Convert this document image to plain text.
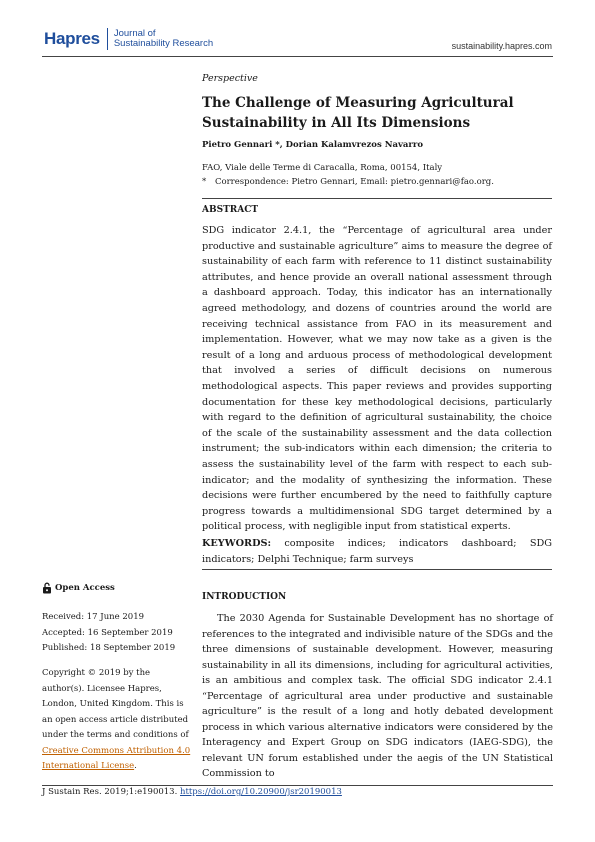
Hapres Journal of
Sustainability Research	sustainability.hapres.com
Perspective
The Challenge of Measuring Agricultural Sustainability in All Its Dimensions
Pietro Gennari *, Dorian Kalamvrezos Navarro
FAO, Viale delle Terme di Caracalla, Roma, 00154, Italy
* Correspondence: Pietro Gennari, Email: pietro.gennari@fao.org.
ABSTRACT
SDG indicator 2.4.1, the “Percentage of agricultural area under productive and sustainable agriculture” aims to measure the degree of sustainability of each farm with reference to 11 distinct sustainability attributes, and hence provide an overall national assessment through a dashboard approach. Today, this indicator has an internationally agreed methodology, and dozens of countries around the world are receiving technical assistance from FAO in its measurement and implementation. However, what we may now take as a given is the result of a long and arduous process of methodological development that involved a series of difficult decisions on numerous methodological aspects. This paper reviews and provides supporting documentation for these key methodological decisions, particularly with regard to the definition of agricultural sustainability, the choice of the scale of the sustainability assessment and the data collection instrument; the sub-indicators within each dimension; the criteria to assess the sustainability level of the farm with respect to each sub-indicator; and the modality of synthesizing the information. These decisions were further encumbered by the need to faithfully capture progress towards a multidimensional SDG target determined by a political process, with negligible input from statistical experts.
KEYWORDS: composite indices; indicators dashboard; SDG indicators; Delphi Technique; farm surveys
Open Access
Received: 17 June 2019
Accepted: 16 September 2019
Published: 18 September 2019
Copyright © 2019 by the author(s). Licensee Hapres, London, United Kingdom. This is an open access article distributed under the terms and conditions of Creative Commons Attribution 4.0 International License.
INTRODUCTION
The 2030 Agenda for Sustainable Development has no shortage of references to the integrated and indivisible nature of the SDGs and the three dimensions of sustainable development. However, measuring sustainability in all its dimensions, including for agricultural activities, is an ambitious and complex task. The official SDG indicator 2.4.1 “Percentage of agricultural area under productive and sustainable agriculture” is the result of a long and hotly debated development process in which various alternative indicators were considered by the Interagency and Expert Group on SDG indicators (IAEG-SDG), the relevant UN forum established under the aegis of the UN Statistical Commission to
J Sustain Res. 2019;1:e190013. https://doi.org/10.20900/jsr20190013
